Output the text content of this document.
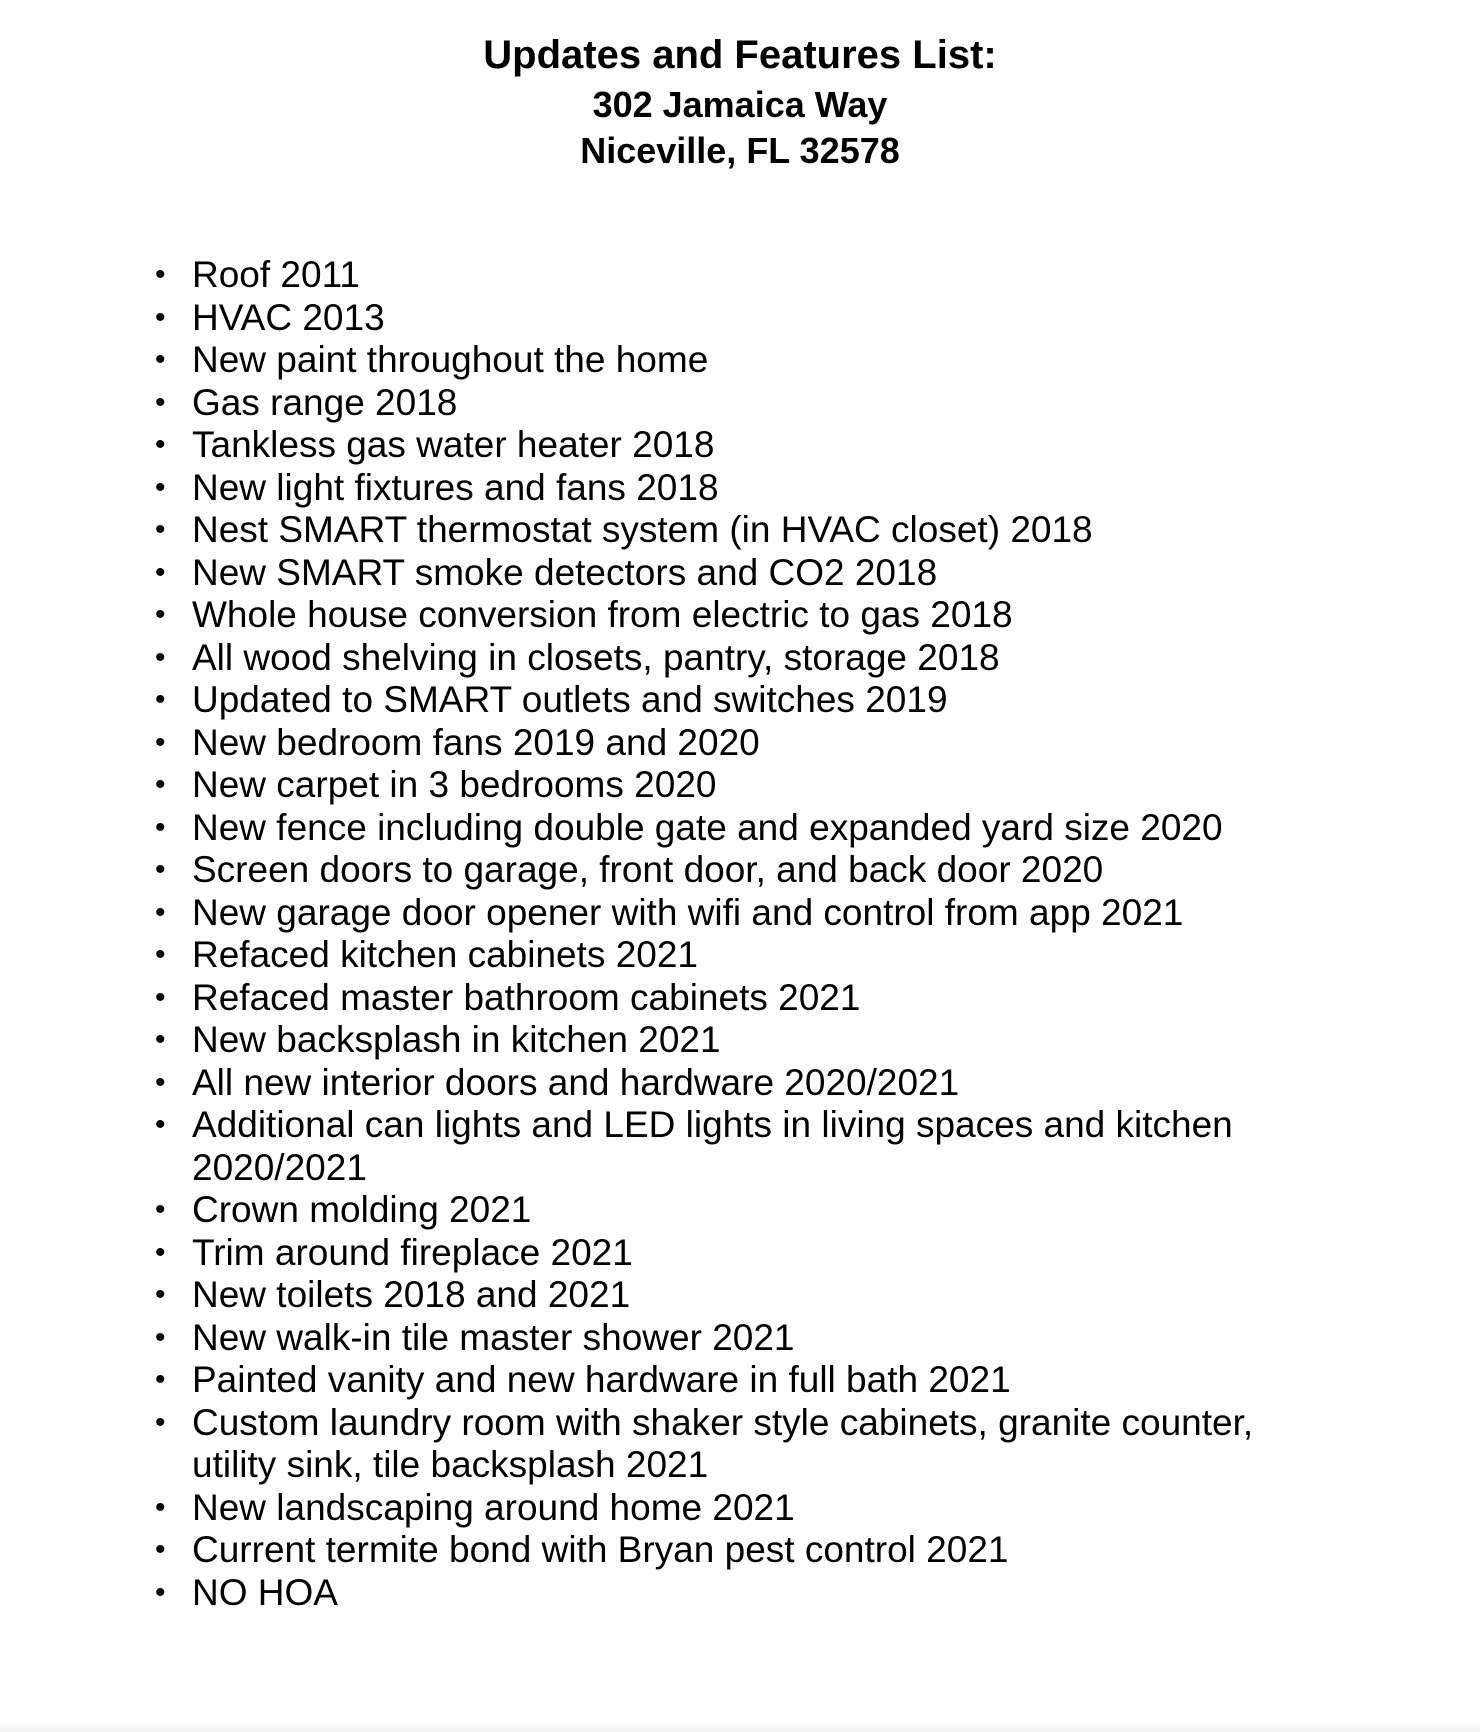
Updates and Features List:
302 Jamaica Way
Niceville, FL 32578
• Roof 2011
• HVAC 2013
• New paint throughout the home
• Gas range 2018
• Tankless gas water heater 2018
• New light fixtures and fans 2018
• Nest SMART thermostat system (in HVAC closet) 2018
• New SMART smoke detectors and CO2 2018
• Whole house conversion from electric to gas 2018
• All wood shelving in closets, pantry, storage 2018
• Updated to SMART outlets and switches 2019
• New bedroom fans 2019 and 2020
• New carpet in 3 bedrooms 2020
• New fence including double gate and expanded yard size 2020
• Screen doors to garage, front door, and back door 2020
• New garage door opener with wifi and control from app 2021
• Refaced kitchen cabinets 2021
• Refaced master bathroom cabinets 2021
• New backsplash in kitchen 2021
• All new interior doors and hardware 2020/2021
• Additional can lights and LED lights in living spaces and kitchen 2020/2021
• Crown molding 2021
• Trim around fireplace 2021
• New toilets 2018 and 2021
• New walk-in tile master shower 2021
• Painted vanity and new hardware in full bath 2021
• Custom laundry room with shaker style cabinets, granite counter, utility sink, tile backsplash 2021
• New landscaping around home 2021
• Current termite bond with Bryan pest control 2021
• NO HOA
